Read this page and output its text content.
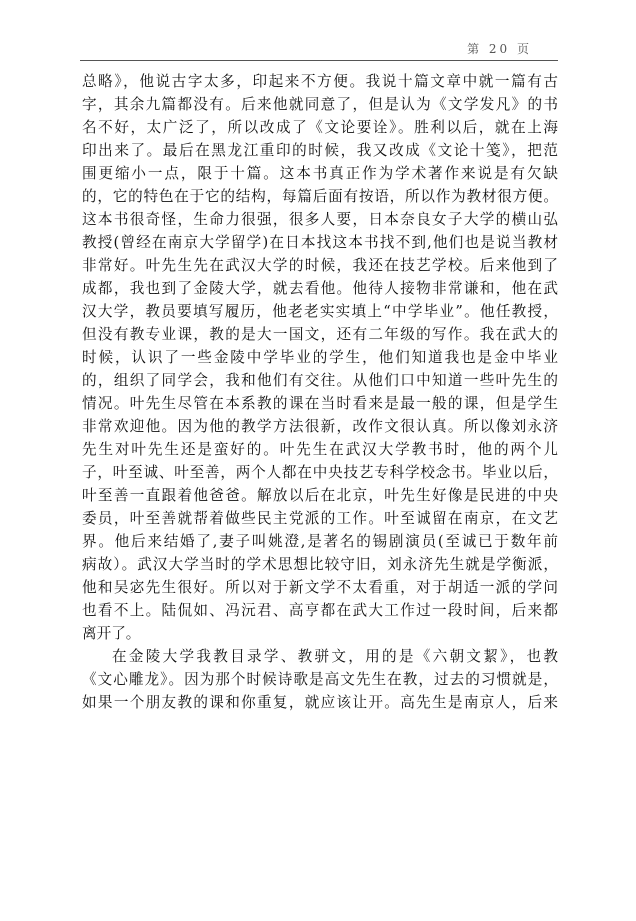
第 20 页
总略》，他说古字太多，印起来不方便。我说十篇文章中就一篇有古
字，其余九篇都没有。后来他就同意了，但是认为《文学发凡》的书
名不好，太广泛了，所以改成了《文论要诠》。胜利以后，就在上海
印出来了。最后在黑龙江重印的时候，我又改成《文论十笺》，把范
围更缩小一点，限于十篇。这本书真正作为学术著作来说是有欠缺
的，它的特色在于它的结构，每篇后面有按语，所以作为教材很方便。
这本书很奇怪，生命力很强，很多人要，日本奈良女子大学的横山弘
教授(曾经在南京大学留学)在日本找这本书找不到,他们也是说当教材
非常好。叶先生先在武汉大学的时候，我还在技艺学校。后来他到了
成都，我也到了金陵大学，就去看他。他待人接物非常谦和，他在武
汉大学，教员要填写履历，他老老实实填上“中学毕业”。他任教授，
但没有教专业课，教的是大一国文，还有二年级的写作。我在武大的
时候，认识了一些金陵中学毕业的学生，他们知道我也是金中毕业
的，组织了同学会，我和他们有交往。从他们口中知道一些叶先生的
情况。叶先生尽管在本系教的课在当时看来是最一般的课，但是学生
非常欢迎他。因为他的教学方法很新，改作文很认真。所以像刘永济
先生对叶先生还是蛮好的。叶先生在武汉大学教书时，他的两个儿
子，叶至诚、叶至善，两个人都在中央技艺专科学校念书。毕业以后，
叶至善一直跟着他爸爸。解放以后在北京，叶先生好像是民进的中央
委员，叶至善就帮着做些民主党派的工作。叶至诚留在南京，在文艺
界。他后来结婚了,妻子叫姚澄,是著名的锡剧演员(至诚已于数年前
病故）。武汉大学当时的学术思想比较守旧，刘永济先生就是学衡派，
他和吴宓先生很好。所以对于新文学不太看重，对于胡适一派的学问
也看不上。陆侃如、冯沅君、高亨都在武大工作过一段时间，后来都
离开了。
在金陵大学我教目录学、教骈文，用的是《六朝文絜》，也教
《文心雕龙》。因为那个时候诗歌是高文先生在教，过去的习惯就是，
如果一个朋友教的课和你重复，就应该让开。高先生是南京人，后来
